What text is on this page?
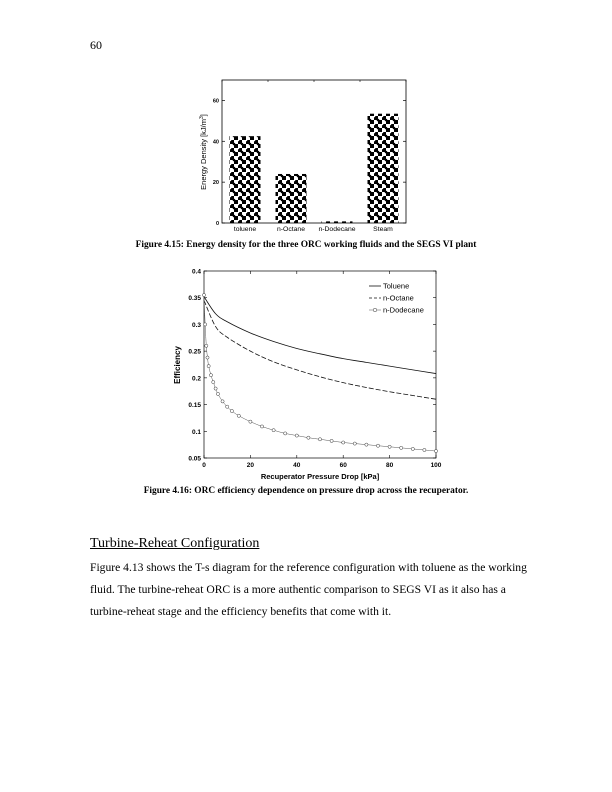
60
0
20
40
60
toluene	n-Octane n-Dodecane	Steam
Energy Density $[kJ/m^3]$
Figure 4.15: Energy density for the three ORC working fluids and the SEGS VI plant
0.05
0.1
0.15
0.2
0.25
0.3
0.35
0.4
0	20	40	60	80	100
Toluene
n-Octane
n-Dodecane
Efficiency
Recuperator Pressure Drop [kPa]
Figure 4.16: ORC efficiency dependence on pressure drop across the recuperator.
Turbine-Reheat Configuration

Figure 4.13 shows the T-s diagram for the reference configuration with toluene as the working fluid. The turbine-reheat ORC is a more authentic comparison to SEGS VI as it also has a turbine-reheat stage and the efficiency benefits that come with it.
